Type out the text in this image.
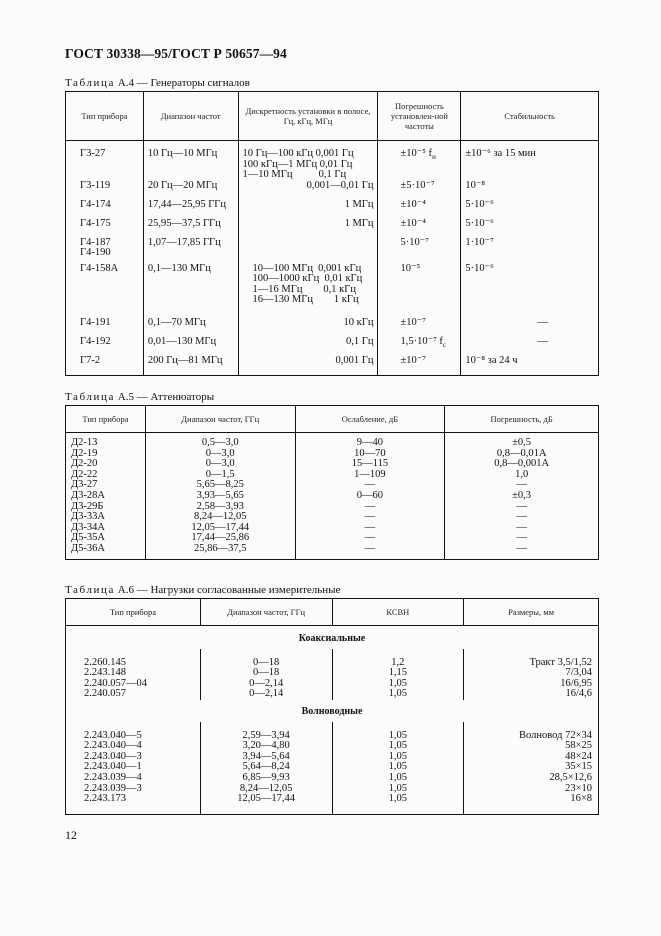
ГОСТ 30338—95/ГОСТ Р 50657—94
Таблица А.4 — Генераторы сигналов
Тип прибора	Диапазон частот	Дискретность установки в полосе, Гц, кГц, МГц	Погрешность установлен-ной частоты	Стабильность

Г3-27	10 Гц—10 МГц	10 Гц—100 кГц 0,001 Гц
100 кГц—1 МГц 0,01 Гц
1—10 МГц          0,1 Гц	±10⁻⁵ $f_н$	±10⁻⁶ за 15 мин

Г3-119	20 Гц—20 МГц	0,001—0,01 Гц	±5·10⁻⁷	10⁻⁸

Г4-174	17,44—25,95 ГГц	1 МГц	±10⁻⁴	5·10⁻⁶

Г4-175	25,95—37,5 ГГц	1 МГц	±10⁻⁴	5·10⁻⁶

Г4-187
Г4-190	1,07—17,85 ГГц		5·10⁻⁷	1·10⁻⁷

Г4-158А	0,1—130 МГц	10—100 МГц  0,001 кГц
100—1000 кГц  0,01 кГц
1—16 МГц        0,1 кГц
16—130 МГц        1 кГц	10⁻⁵	5·10⁻⁶

Г4-191	0,1—70 МГц	10 кГц	±10⁻⁷	—

Г4-192	0,01—130 МГц	0,1 Гц	1,5·10⁻⁷ $f_с$	—

Г7-2	200 Гц—81 МГц	0,001 Гц	±10⁻⁷	10⁻⁸ за 24 ч
Таблица А.5 — Аттенюаторы
Тип прибора	Диапазон частот, ГГц	Ослабление, дБ	Погрешность, дБ
Д2-13	0,5—3,0	9—40	±0,5
Д2-19	0—3,0	10—70	0,8—0,01А
Д2-20	0—3,0	15—115	0,8—0,001А
Д2-22	0—1,5	1—109	1,0
Д3-27	5,65—8,25	—	—
Д3-28А	3,93—5,65	0—60	±0,3
Д3-29Б	2,58—3,93	—	—
Д3-33А	8,24—12,05	—	—
Д3-34А	12,05—17,44	—	—
Д5-35А	17,44—25,86	—	—
Д5-36А	25,86—37,5	—	—
Таблица А.6 — Нагрузки согласованные измерительные
Тип прибора	Диапазон частот, ГГц	КСВН	Размеры, мм
Коаксиальные			

2.260.145	0—18	1,2	Тракт 3,5/1,52
2.243.148	0—18	1,15	7/3,04
2.240.057—04	0—2,14	1,05	16/6,95
2.240.057	0—2,14	1,05	16/4,6
Волноводные			

2.243.040—5	2,59—3,94	1,05	Волновод 72×34
2.243.040—4	3,20—4,80	1,05	58×25
2.243.040—3	3,94—5,64	1,05	48×24
2.243.040—1	5,64—8,24	1,05	35×15
2.243.039—4	6,85—9,93	1,05	28,5×12,6
2.243.039—3	8,24—12,05	1,05	23×10
2.243.173	12,05—17,44	1,05	16×8

12
